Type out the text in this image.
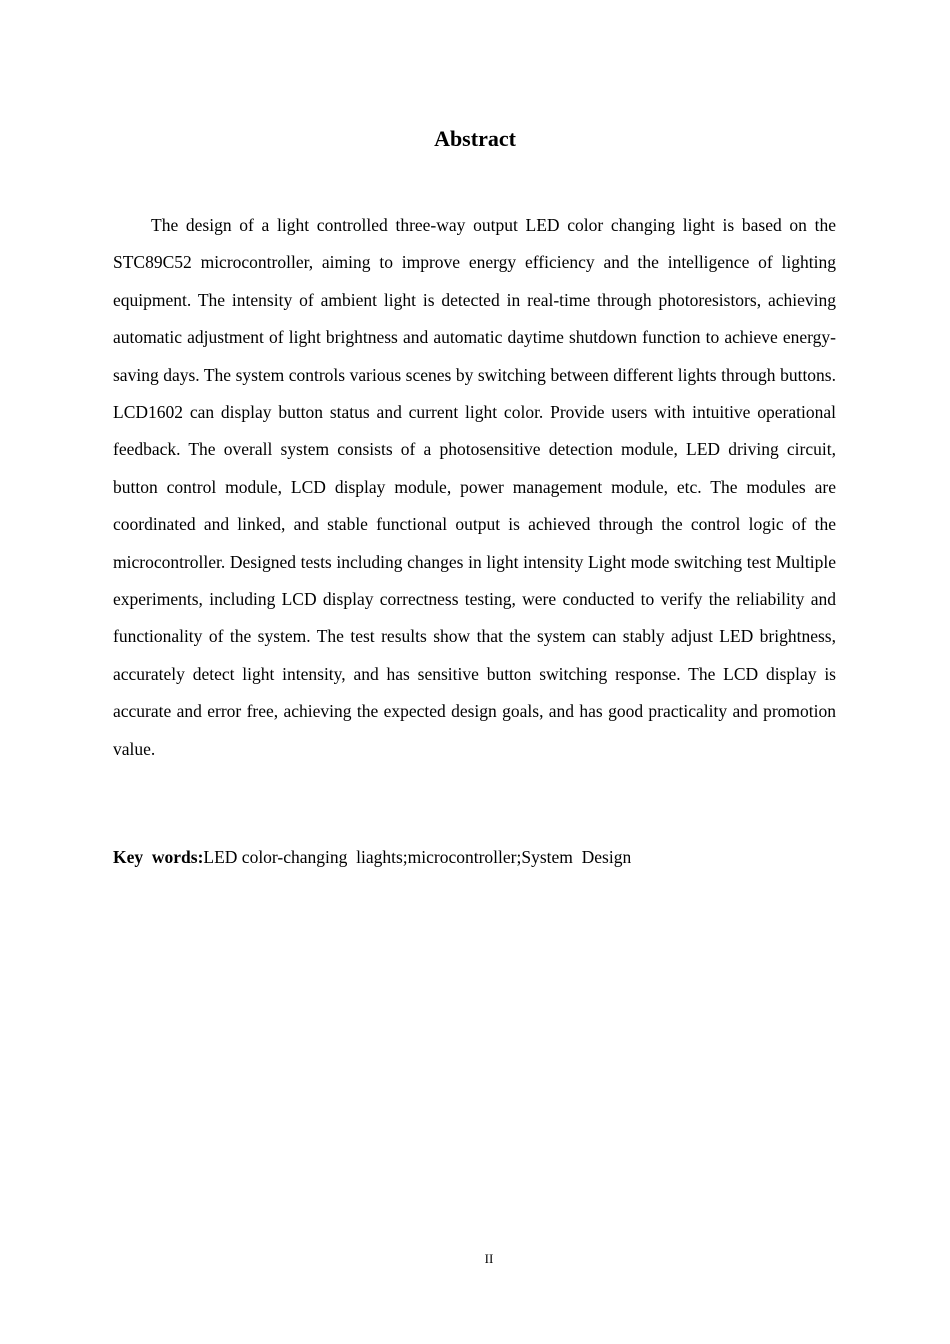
Abstract

The design of a light controlled three-way output LED color changing light is based on the STC89C52 microcontroller, aiming to improve energy efficiency and the intelligence of lighting equipment. The intensity of ambient light is detected in real-time through photoresistors, achieving automatic adjustment of light brightness and automatic daytime shutdown function to achieve energy-saving days. The system controls various scenes by switching between different lights through buttons. LCD1602 can display button status and current light color. Provide users with intuitive operational feedback. The overall system consists of a photosensitive detection module, LED driving circuit, button control module, LCD display module, power management module, etc. The modules are coordinated and linked, and stable functional output is achieved through the control logic of the microcontroller. Designed tests including changes in light intensity Light mode switching test Multiple experiments, including LCD display correctness testing, were conducted to verify the reliability and functionality of the system. The test results show that the system can stably adjust LED brightness, accurately detect light intensity, and has sensitive button switching response. The LCD display is accurate and error free, achieving the expected design goals, and has good practicality and promotion value.

Key  words:LED color-changing  liaghts;microcontroller;System  Design

II
